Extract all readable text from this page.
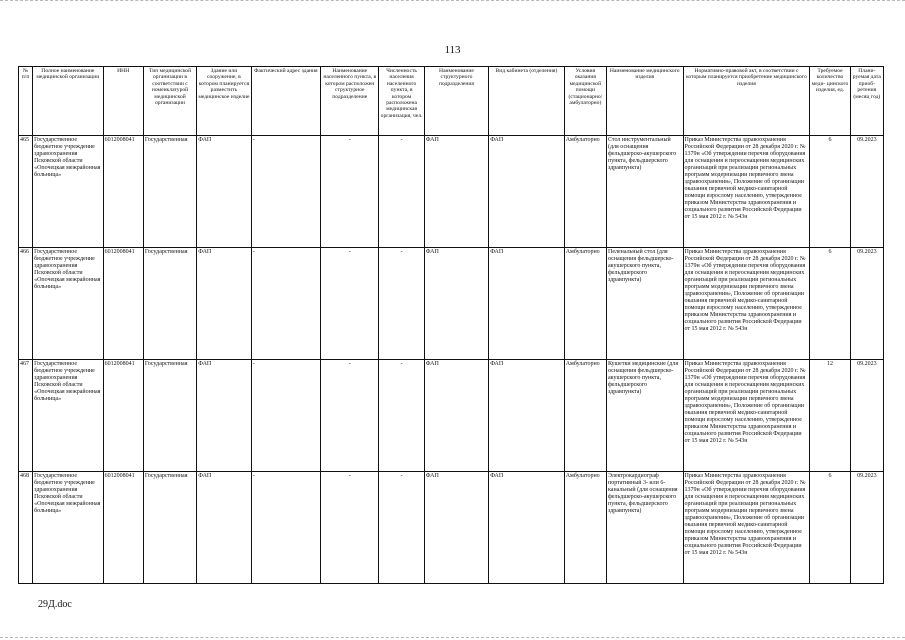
113
№ п/п	Полное наименование медицинской организации	ИНН	Тип медицинской организации в соответствии с номенклатурой медицинской организации	Здание или сооружение, в котором планируется разместить медицинское изделие	Фактический адрес здания	Наименование населенного пункта, в котором расположен структурное подразделение	Численность населения населенного пункта, в котором расположена медицинская организация, чел.	Наименование структурного подразделения	Вид кабинета (отделения)	Условия оказания медицинской помощи (стационарно/ амбулаторно)	Наименование медицинского изделия	Нормативно-правовой акт, в соответствии с которым планируется приобретение медицинского изделия	Требуемое количество меди- цинского изделия, ед.	Плани- руемая дата приоб- ретения (месяц год)
465	Государственное бюджетное учреждение здравоохранения Псковской области «Опочецкая межрайонная больница»	6012008041	Государственная	ФАП	-	-	-	ФАП	ФАП	Амбулаторно	Стол инструментальный (для оснащения фельдшерско-акушерского пункта, фельдшерского здравпункта)	Приказ Министерства здравоохранения Российской Федерации от 28 декабря 2020 г. № 1379н «Об утверждении перечня оборудования для оснащения и переоснащения медицинских организаций при реализации региональных программ модернизации первичного звена здравоохранения», Положение об организации оказания первичной медико-санитарной помощи взрослому населению, утвержденное приказом Министерства здравоохранения и социального развития Российской Федерации от 15 мая 2012 г. № 543н	6	09.2023
466	Государственное бюджетное учреждение здравоохранения Псковской области «Опочецкая межрайонная больница»	6012008041	Государственная	ФАП	-	-	-	ФАП	ФАП	Амбулаторно	Пеленальный стол (для оснащения фельдшерско-акушерского пункта, фельдшерского здравпункта)	Приказ Министерства здравоохранения Российской Федерации от 28 декабря 2020 г. № 1379н «Об утверждении перечня оборудования для оснащения и переоснащения медицинских организаций при реализации региональных программ модернизации первичного звена здравоохранения», Положение об организации оказания первичной медико-санитарной помощи взрослому населению, утвержденное приказом Министерства здравоохранения и социального развития Российской Федерации от 15 мая 2012 г. № 543н	6	09.2023
467	Государственное бюджетное учреждение здравоохранения Псковской области «Опочецкая межрайонная больница»	6012008041	Государственная	ФАП	-	-	-	ФАП	ФАП	Амбулаторно	Кушетки медицинские (для оснащения фельдшерско-акушерского пункта, фельдшерского здравпункта)	Приказ Министерства здравоохранения Российской Федерации от 28 декабря 2020 г. № 1379н «Об утверждении перечня оборудования для оснащения и переоснащения медицинских организаций при реализации региональных программ модернизации первичного звена здравоохранения», Положение об организации оказания первичной медико-санитарной помощи взрослому населению, утвержденное приказом Министерства здравоохранения и социального развития Российской Федерации от 15 мая 2012 г. № 543н	12	09.2023
468	Государственное бюджетное учреждение здравоохранения Псковской области «Опочецкая межрайонная больница»	6012008041	Государственная	ФАП	-	-	-	ФАП	ФАП	Амбулаторно	Электрокардиограф портативный 3- или 6-канальный (для оснащения фельдшерско-акушерского пункта, фельдшерского здравпункта)	Приказ Министерства здравоохранения Российской Федерации от 28 декабря 2020 г. № 1379н «Об утверждении перечня оборудования для оснащения и переоснащения медицинских организаций при реализации региональных программ модернизации первичного звена здравоохранения», Положение об организации оказания первичной медико-санитарной помощи взрослому населению, утвержденное приказом Министерства здравоохранения и социального развития Российской Федерации от 15 мая 2012 г. № 543н	6	09.2023
29Д.doc
